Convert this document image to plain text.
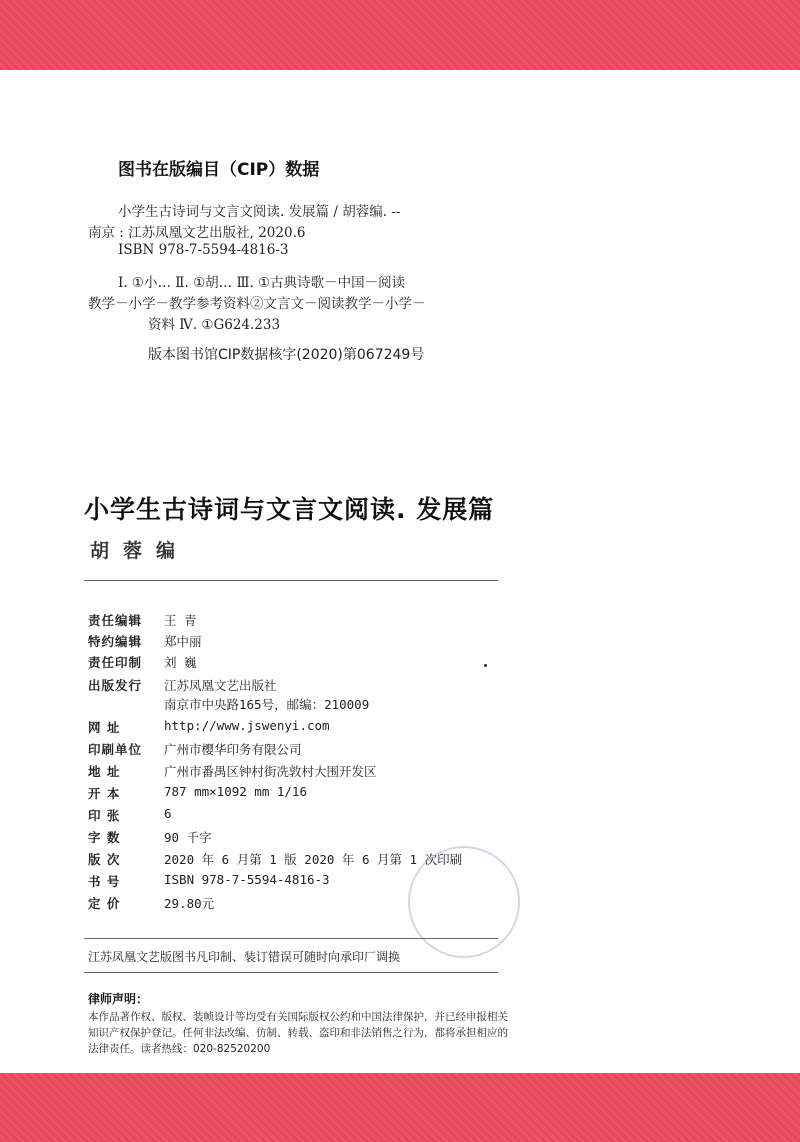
图书在版编目（CIP）数据
小学生古诗词与文言文阅读. 发展篇 / 胡蓉编. --
南京 : 江苏凤凰文艺出版社, 2020.6
ISBN 978-7-5594-4816-3
Ⅰ. ①小… Ⅱ. ①胡… Ⅲ. ①古典诗歌－中国－阅读
教学－小学－教学参考资料②文言文－阅读教学－小学－
资料 Ⅳ. ①G624.233
版本图书馆CIP数据核字(2020)第067249号
小学生古诗词与文言文阅读. 发展篇
胡蓉编
责任编辑	王 青
特约编辑	郑中丽
责任印制	刘 巍
出版发行	江苏凤凰文艺出版社
南京市中央路165号，邮编：210009
网 址	http://www.jswenyi.com
印刷单位	广州市樱华印务有限公司
地 址	广州市番禺区钟村街冼敦村大围开发区
开 本	787 mm×1092 mm 1/16
印 张	6
字 数	90 千字
版 次	2020 年 6 月第 1 版 2020 年 6 月第 1 次印刷
书 号	ISBN 978-7-5594-4816-3
定 价	29.80元
江苏凤凰文艺版图书凡印制、装订错误可随时向承印厂调换
律师声明：
本作品著作权、版权、装帧设计等均受有关国际版权公约和中国法律保护，并已经申报相关知识产权保护登记。任何非法改编、仿制、转载、盗印和非法销售之行为，都将承担相应的法律责任。读者热线：020-82520200
